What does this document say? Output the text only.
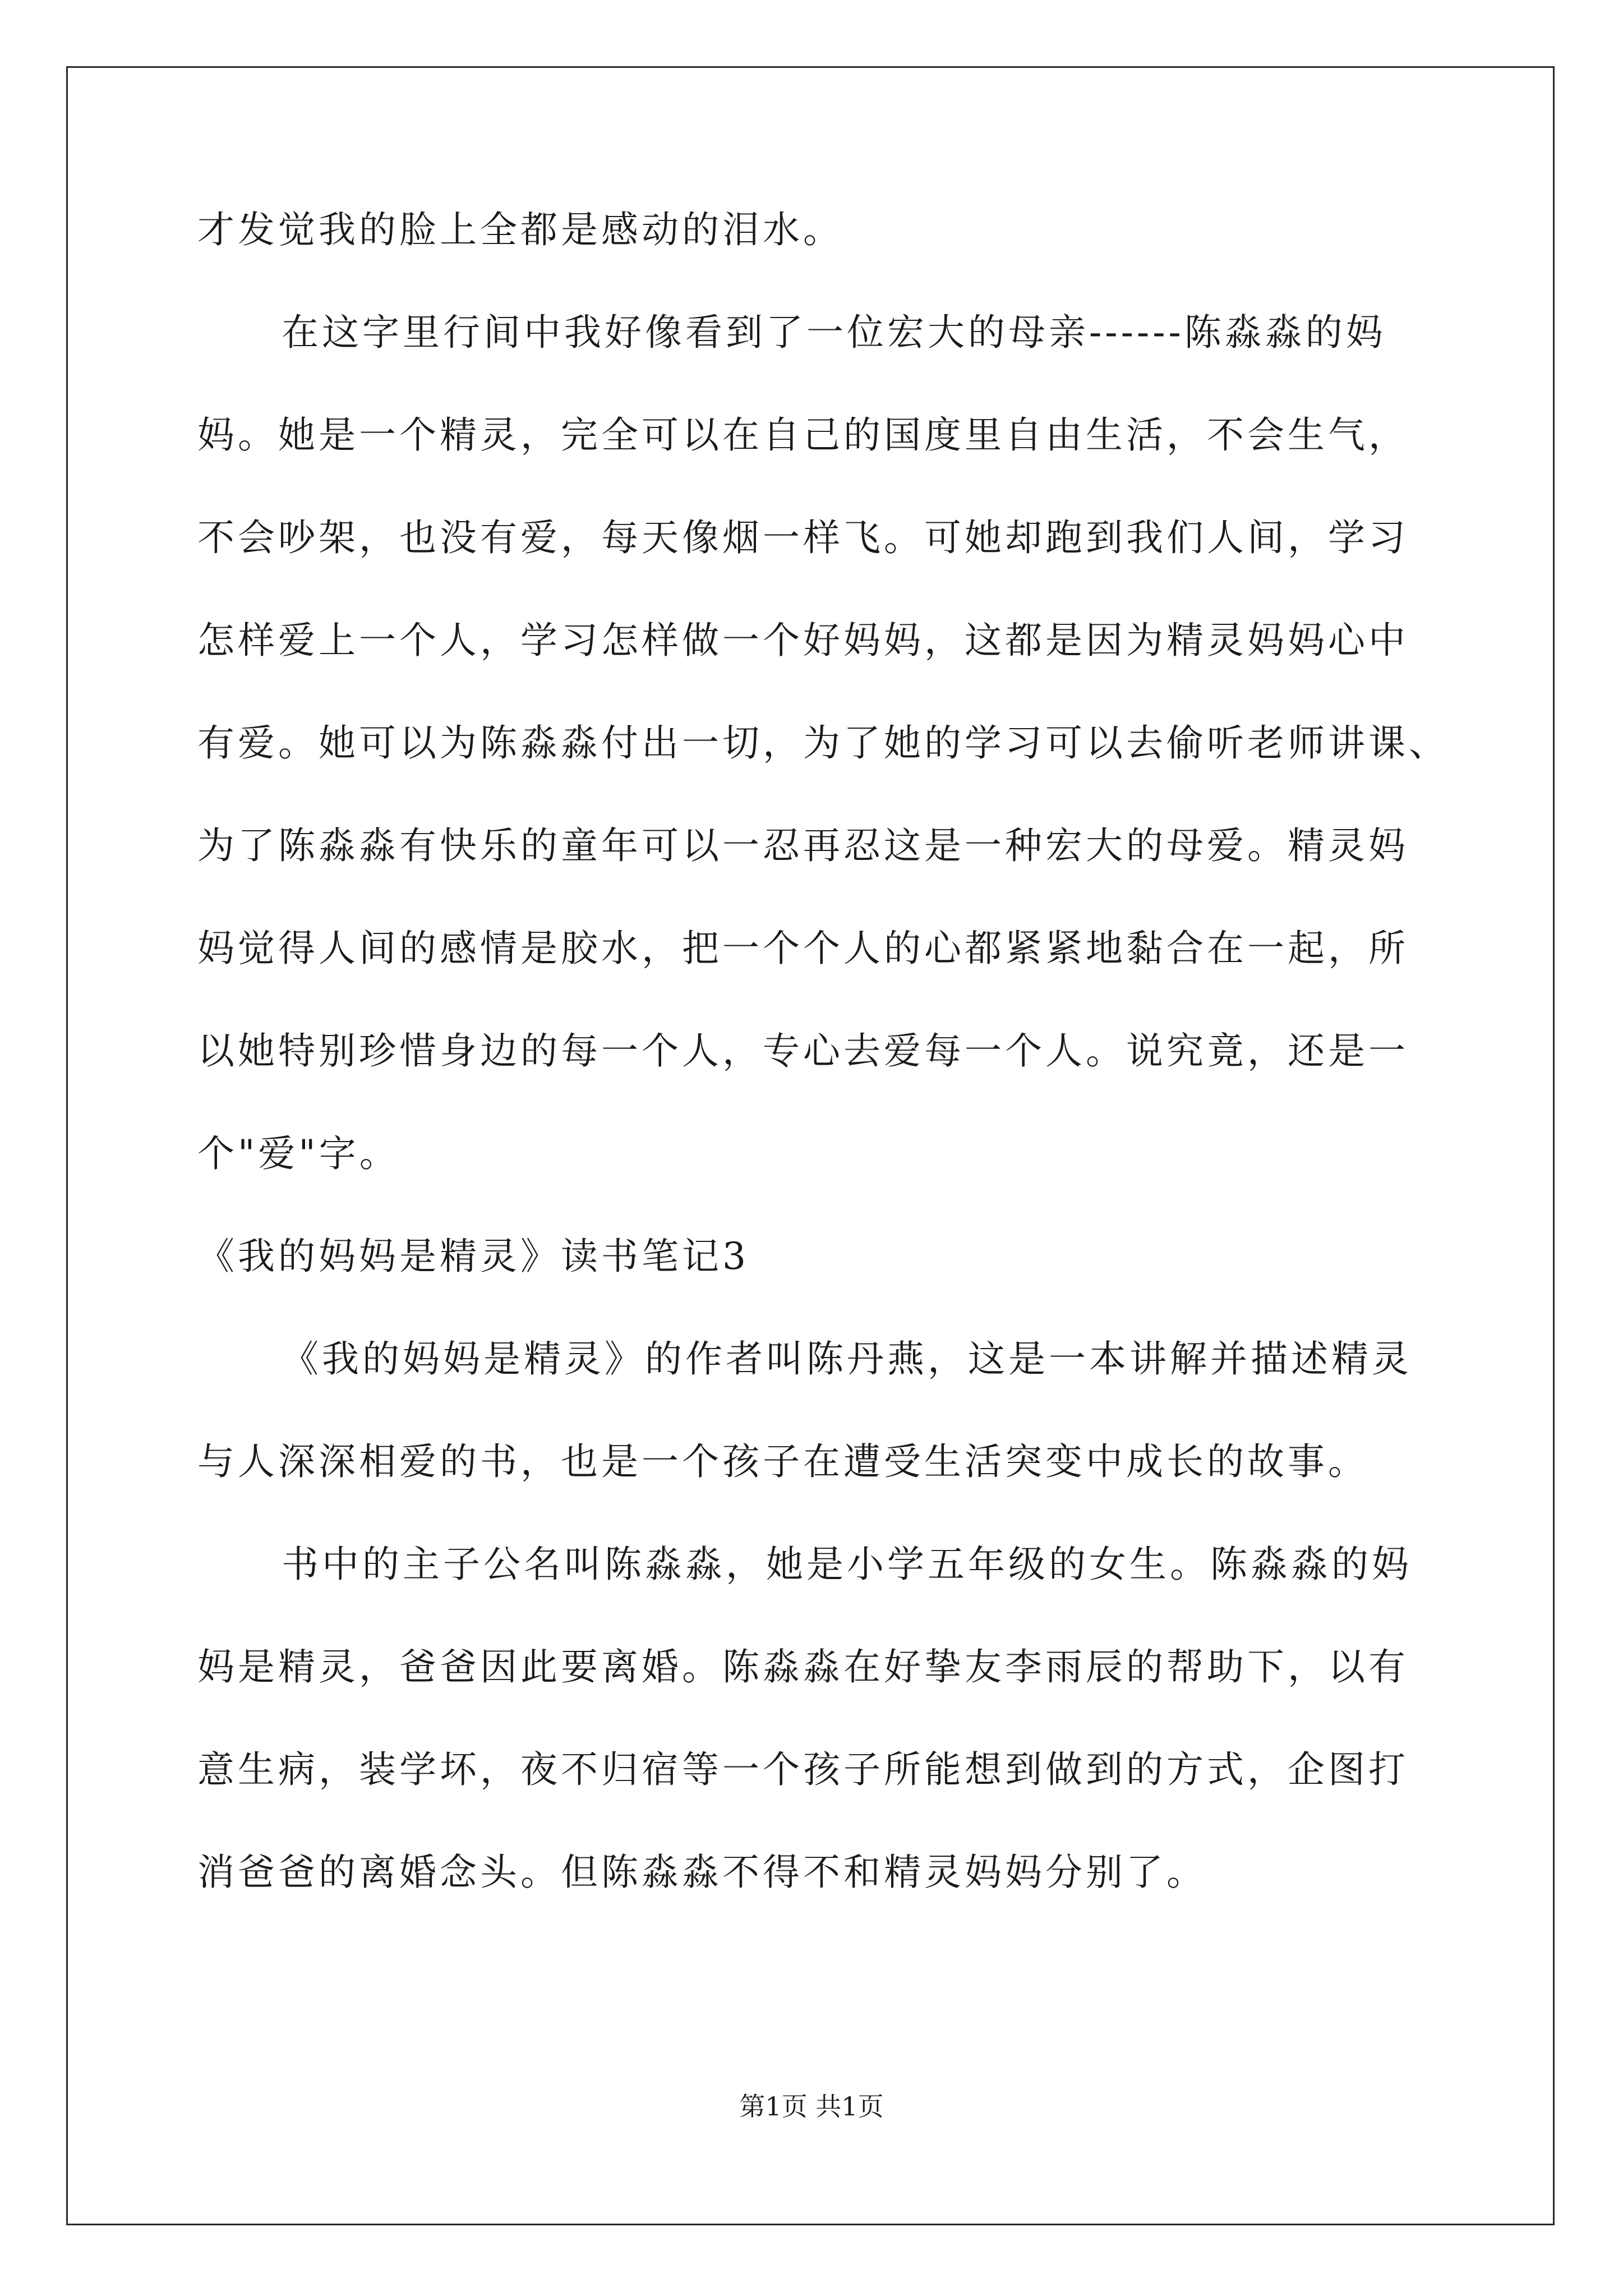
才发觉我的脸上全都是感动的泪水。
在这字里行间中我好像看到了一位宏大的母亲------陈淼淼的妈
妈。她是一个精灵，完全可以在自己的国度里自由生活，不会生气，
不会吵架，也没有爱，每天像烟一样飞。可她却跑到我们人间，学习
怎样爱上一个人，学习怎样做一个好妈妈，这都是因为精灵妈妈心中
有爱。她可以为陈淼淼付出一切，为了她的学习可以去偷听老师讲课、
为了陈淼淼有快乐的童年可以一忍再忍这是一种宏大的母爱。精灵妈
妈觉得人间的感情是胶水，把一个个人的心都紧紧地黏合在一起，所
以她特别珍惜身边的每一个人，专心去爱每一个人。说究竟，还是一
个"爱"字。
《我的妈妈是精灵》读书笔记3
《我的妈妈是精灵》的作者叫陈丹燕，这是一本讲解并描述精灵
与人深深相爱的书，也是一个孩子在遭受生活突变中成长的故事。
书中的主子公名叫陈淼淼，她是小学五年级的女生。陈淼淼的妈
妈是精灵，爸爸因此要离婚。陈淼淼在好挚友李雨辰的帮助下，以有
意生病，装学坏，夜不归宿等一个孩子所能想到做到的方式，企图打
消爸爸的离婚念头。但陈淼淼不得不和精灵妈妈分别了。
第1页 共1页
